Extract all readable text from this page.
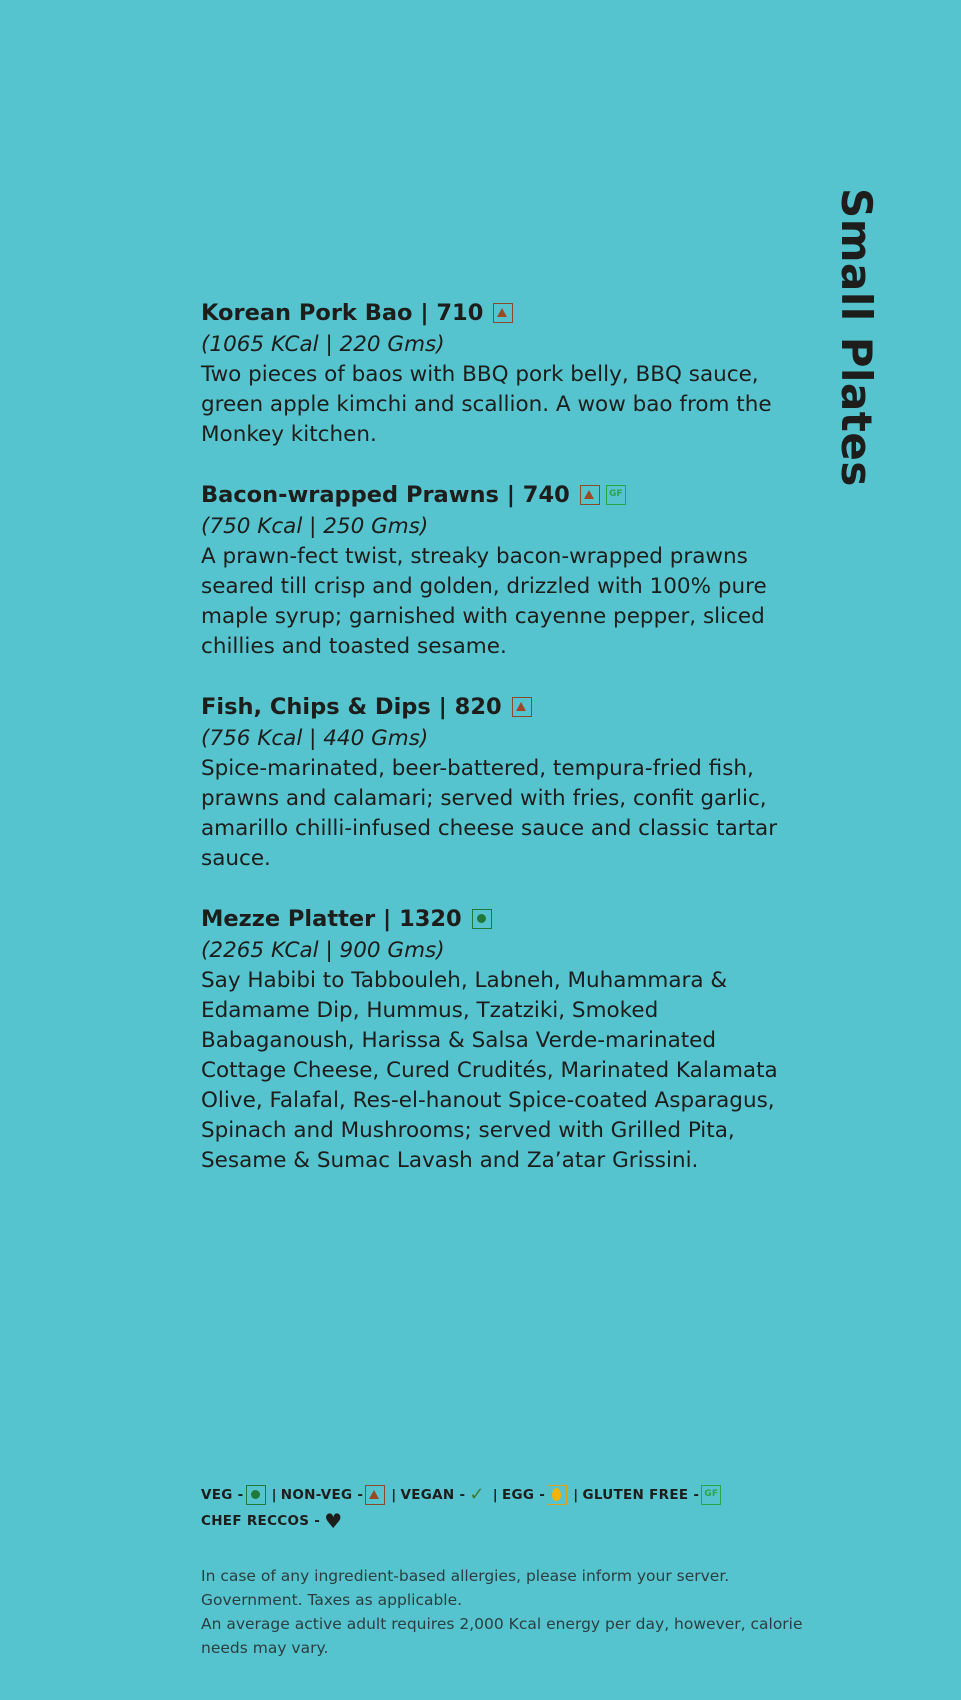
Small Plates
Korean Pork Bao | 710
(1065 KCal | 220 Gms)

Two pieces of baos with BBQ pork belly, BBQ sauce, green apple kimchi and scallion. A wow bao from the Monkey kitchen.

Bacon-wrapped Prawns | 740	GF
(750 Kcal | 250 Gms)

A prawn-fect twist, streaky bacon-wrapped prawns seared till crisp and golden, drizzled with 100% pure maple syrup; garnished with cayenne pepper, sliced chillies and toasted sesame.

Fish, Chips & Dips | 820
(756 Kcal | 440 Gms)

Spice-marinated, beer-battered, tempura-fried fish, prawns and calamari; served with fries, confit garlic, amarillo chilli-infused cheese sauce and classic tartar sauce.

Mezze Platter | 1320
(2265 KCal | 900 Gms)

Say Habibi to Tabbouleh, Labneh, Muhammara & Edamame Dip, Hummus, Tzatziki, Smoked Babaganoush, Harissa & Salsa Verde-marinated Cottage Cheese, Cured Crudités, Marinated Kalamata Olive, Falafal, Res-el-hanout Spice-coated Asparagus, Spinach and Mushrooms; served with Grilled Pita, Sesame & Sumac Lavash and Za’atar Grissini.

VEG - | NON-VEG - | VEGAN - ✓ | EGG - | GLUTEN FREE - GF
CHEF RECCOS - ♥

In case of any ingredient-based allergies, please inform your server.

Government. Taxes as applicable.

An average active adult requires 2,000 Kcal energy per day, however, calorie needs may vary.
